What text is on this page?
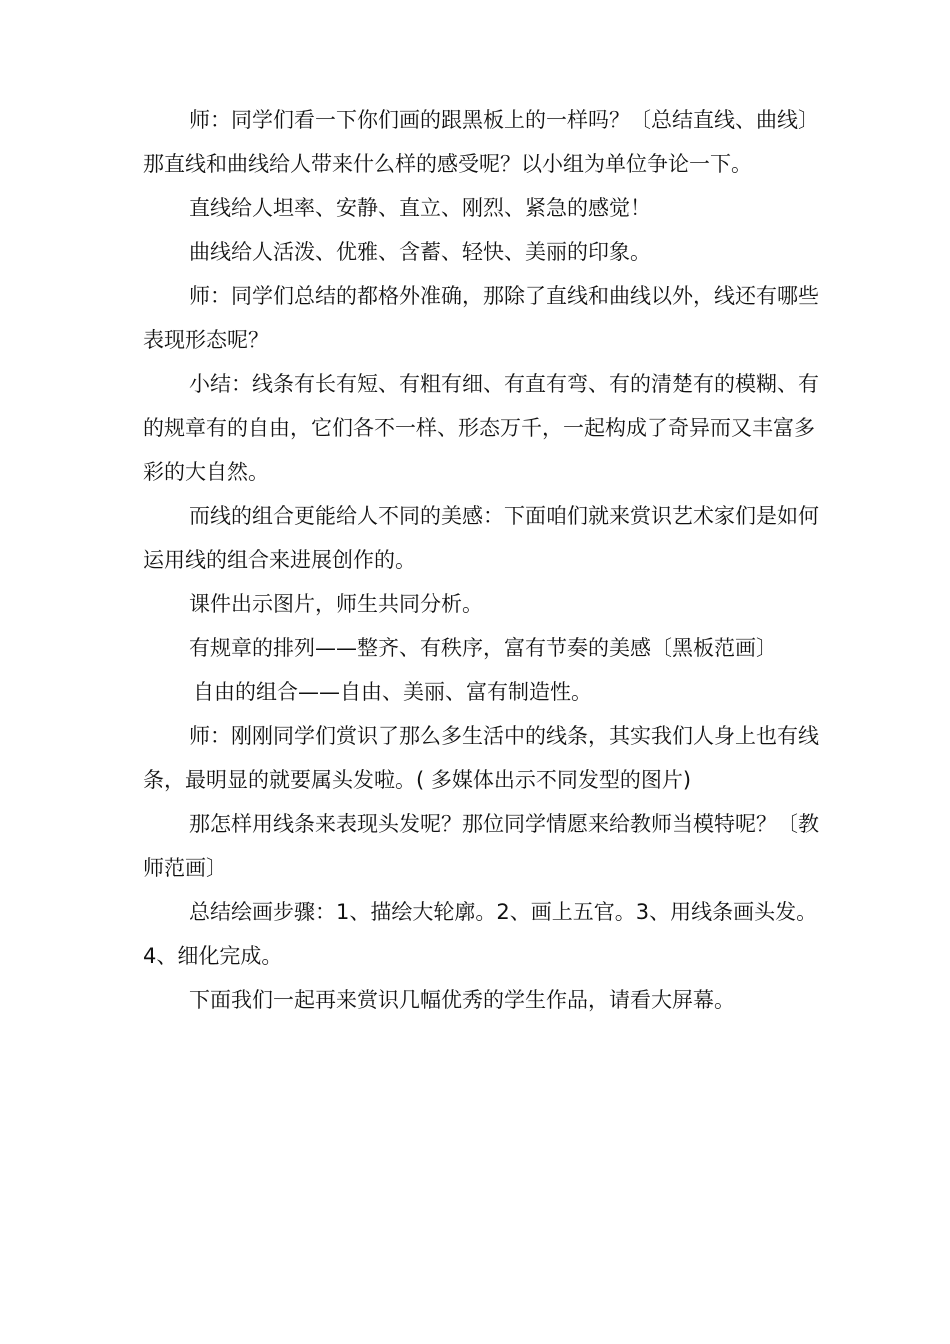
师：同学们看一下你们画的跟黑板上的一样吗？〔总结直线、曲线〕那直线和曲线给人带来什么样的感受呢？以小组为单位争论一下。

直线给人坦率、安静、直立、刚烈、紧急的感觉！

曲线给人活泼、优雅、含蓄、轻快、美丽的印象。

师：同学们总结的都格外准确，那除了直线和曲线以外，线还有哪些表现形态呢？

小结：线条有长有短、有粗有细、有直有弯、有的清楚有的模糊、有的规章有的自由，它们各不一样、形态万千，一起构成了奇异而又丰富多彩的大自然。

而线的组合更能给人不同的美感：下面咱们就来赏识艺术家们是如何运用线的组合来进展创作的。

课件出示图片，师生共同分析。

有规章的排列——整齐、有秩序，富有节奏的美感〔黑板范画〕

自由的组合——自由、美丽、富有制造性。

师：刚刚同学们赏识了那么多生活中的线条，其实我们人身上也有线条，最明显的就要属头发啦。( 多媒体出示不同发型的图片)

那怎样用线条来表现头发呢？那位同学情愿来给教师当模特呢？〔教师范画〕

总结绘画步骤：1、描绘大轮廓。2、画上五官。3、用线条画头发。4、细化完成。

下面我们一起再来赏识几幅优秀的学生作品，请看大屏幕。
